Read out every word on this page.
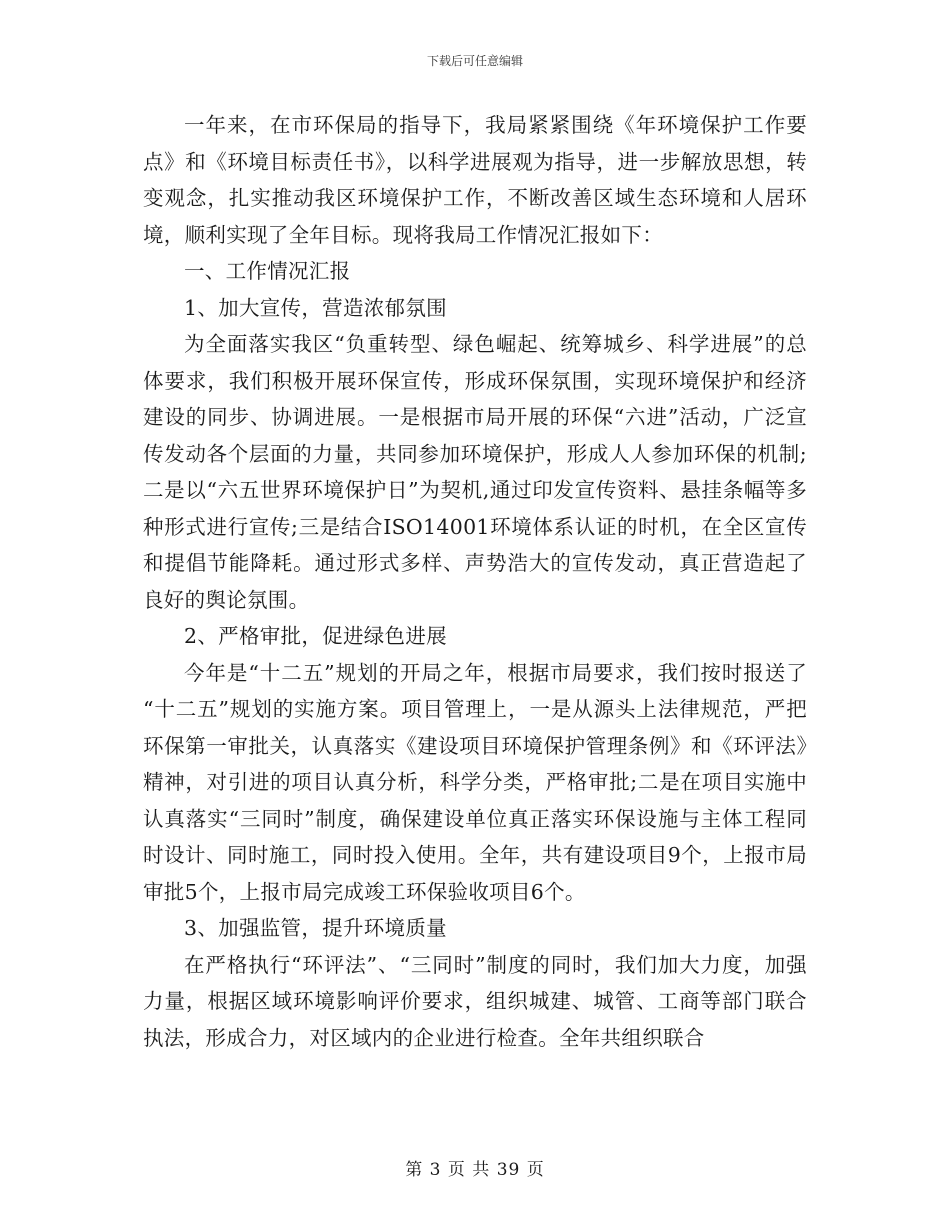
下载后可任意编辑

一年来，在市环保局的指导下，我局紧紧围绕《年环境保护工作要点》和《环境目标责任书》，以科学进展观为指导，进一步解放思想，转变观念，扎实推动我区环境保护工作，不断改善区域生态环境和人居环境，顺利实现了全年目标。现将我局工作情况汇报如下：

一、工作情况汇报

1、加大宣传，营造浓郁氛围

为全面落实我区“负重转型、绿色崛起、统筹城乡、科学进展”的总体要求，我们积极开展环保宣传，形成环保氛围，实现环境保护和经济建设的同步、协调进展。一是根据市局开展的环保“六进”活动，广泛宣传发动各个层面的力量，共同参加环境保护，形成人人参加环保的机制;二是以“六五世界环境保护日”为契机,通过印发宣传资料、悬挂条幅等多种形式进行宣传;三是结合ISO14001环境体系认证的时机，在全区宣传和提倡节能降耗。通过形式多样、声势浩大的宣传发动，真正营造起了良好的舆论氛围。

2、严格审批，促进绿色进展

今年是“十二五”规划的开局之年，根据市局要求，我们按时报送了 “十二五”规划的实施方案。项目管理上，一是从源头上法律规范，严把环保第一审批关，认真落实《建设项目环境保护管理条例》和《环评法》精神，对引进的项目认真分析，科学分类，严格审批;二是在项目实施中认真落实“三同时”制度，确保建设单位真正落实环保设施与主体工程同时设计、同时施工，同时投入使用。全年，共有建设项目9个，上报市局审批5个，上报市局完成竣工环保验收项目6个。

3、加强监管，提升环境质量

在严格执行“环评法”、“三同时”制度的同时，我们加大力度，加强力量，根据区域环境影响评价要求，组织城建、城管、工商等部门联合执法，形成合力，对区域内的企业进行检查。全年共组织联合

第 3 页 共 39 页
